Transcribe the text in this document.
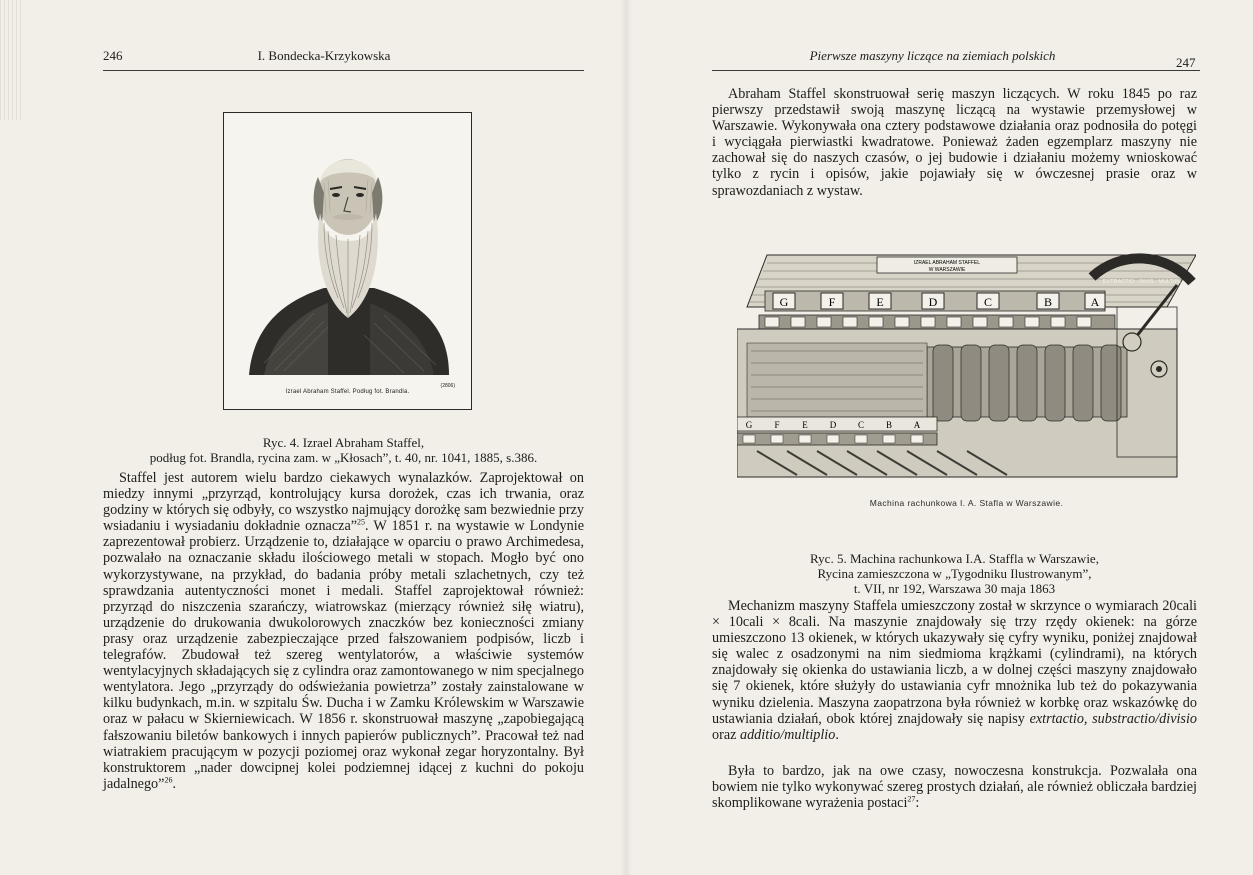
246	I. Bondecka-Krzykowska
(2806)
Izrael Abraham Staffel. Podług fot. Brandla.
Ryc. 4. Izrael Abraham Staffel,
podług fot. Brandla, rycina zam. w „Kłosach”, t. 40, nr. 1041, 1885, s.386.

Staffel jest autorem wielu bardzo ciekawych wynalazków. Zaprojektował on miedzy innymi „przyrząd, kontrolujący kursa dorożek, czas ich trwania, oraz godziny w których się odbyły, co wszystko najmujący dorożkę sam bezwiednie przy wsiadaniu i wysiadaniu dokładnie oznacza”$^{25}$. W 1851 r. na wystawie w Londynie zaprezentował probierz. Urządzenie to, działające w oparciu o prawo Archimedesa, pozwalało na oznaczanie składu ilościowego metali w stopach. Mogło być ono wykorzystywane, na przykład, do badania próby metali szlachetnych, czy też sprawdzania autentyczności monet i medali. Staffel zaprojektował również: przyrząd do niszczenia szarańczy, wiatrowskaz (mierzący również siłę wiatru), urządzenie do drukowania dwukolorowych znaczków bez konieczności zmiany prasy oraz urządzenie zabezpieczające przed fałszowaniem podpisów, liczb i telegrafów. Zbudował też szereg wentylatorów, a właściwie systemów wentylacyjnych składających się z cylindra oraz zamontowanego w nim specjalnego wentylatora. Jego „przyrządy do odświeżania powietrza” zostały zainstalowane w kilku budynkach, m.in. w szpitalu Św. Ducha i w Zamku Królewskim w Warszawie oraz w pałacu w Skierniewicach. W 1856 r. skonstruował maszynę „zapobiegającą fałszowaniu biletów bankowych i innych papierów publicznych”. Pracował też nad wiatrakiem pracującym w pozycji poziomej oraz wykonał zegar horyzontalny. Był konstruktorem „nader dowcipnej kolei podziemnej idącej z kuchni do pokoju jadalnego”$^{26}$.

Pierwsze maszyny liczące na ziemiach polskich	247

Abraham Staffel skonstruował serię maszyn liczących. W roku 1845 po raz pierwszy przedstawił swoją maszynę liczącą na wystawie przemysłowej w Warszawie. Wykonywała ona cztery podstawowe działania oraz podnosiła do potęgi i wyciągała pierwiastki kwadratowe. Ponieważ żaden egzemplarz maszyny nie zachował się do naszych czasów, o jej budowie i działaniu możemy wnioskować tylko z rycin i opisów, jakie pojawiały się w ówczesnej prasie oraz w sprawozdaniach z wystaw.

IZRAEL ABRAHAM STAFFEL
W WARSZAWIE
G	F	E	D	C	B	A
G F	E D C B A
EXTRACTIO · DIVIS · MULTIPL
Machina rachunkowa I. A. Stafla w Warszawie.
Ryc. 5. Machina rachunkowa I.A. Staffla w Warszawie,
Rycina zamieszczona w „Tygodniku Ilustrowanym”,
t. VII, nr 192, Warszawa 30 maja 1863

Mechanizm maszyny Staffela umieszczony został w skrzynce o wymiarach 20cali × 10cali × 8cali. Na maszynie znajdowały się trzy rzędy okienek: na górze umieszczono 13 okienek, w których ukazywały się cyfry wyniku, poniżej znajdował się walec z osadzonymi na nim siedmioma krążkami (cylindrami), na których znajdowały się okienka do ustawiania liczb, a w dolnej części maszyny znajdowało się 7 okienek, które służyły do ustawiania cyfr mnożnika lub też do pokazywania wyniku dzielenia. Maszyna zaopatrzona była również w korbkę oraz wskazówkę do ustawiania działań, obok której znajdowały się napisy extrtactio, substractio/divisio oraz additio/multiplio.

Była to bardzo, jak na owe czasy, nowoczesna konstrukcja. Pozwalała ona bowiem nie tylko wykonywać szereg prostych działań, ale również obliczała bardziej skomplikowane wyrażenia postaci$^{27}$:
